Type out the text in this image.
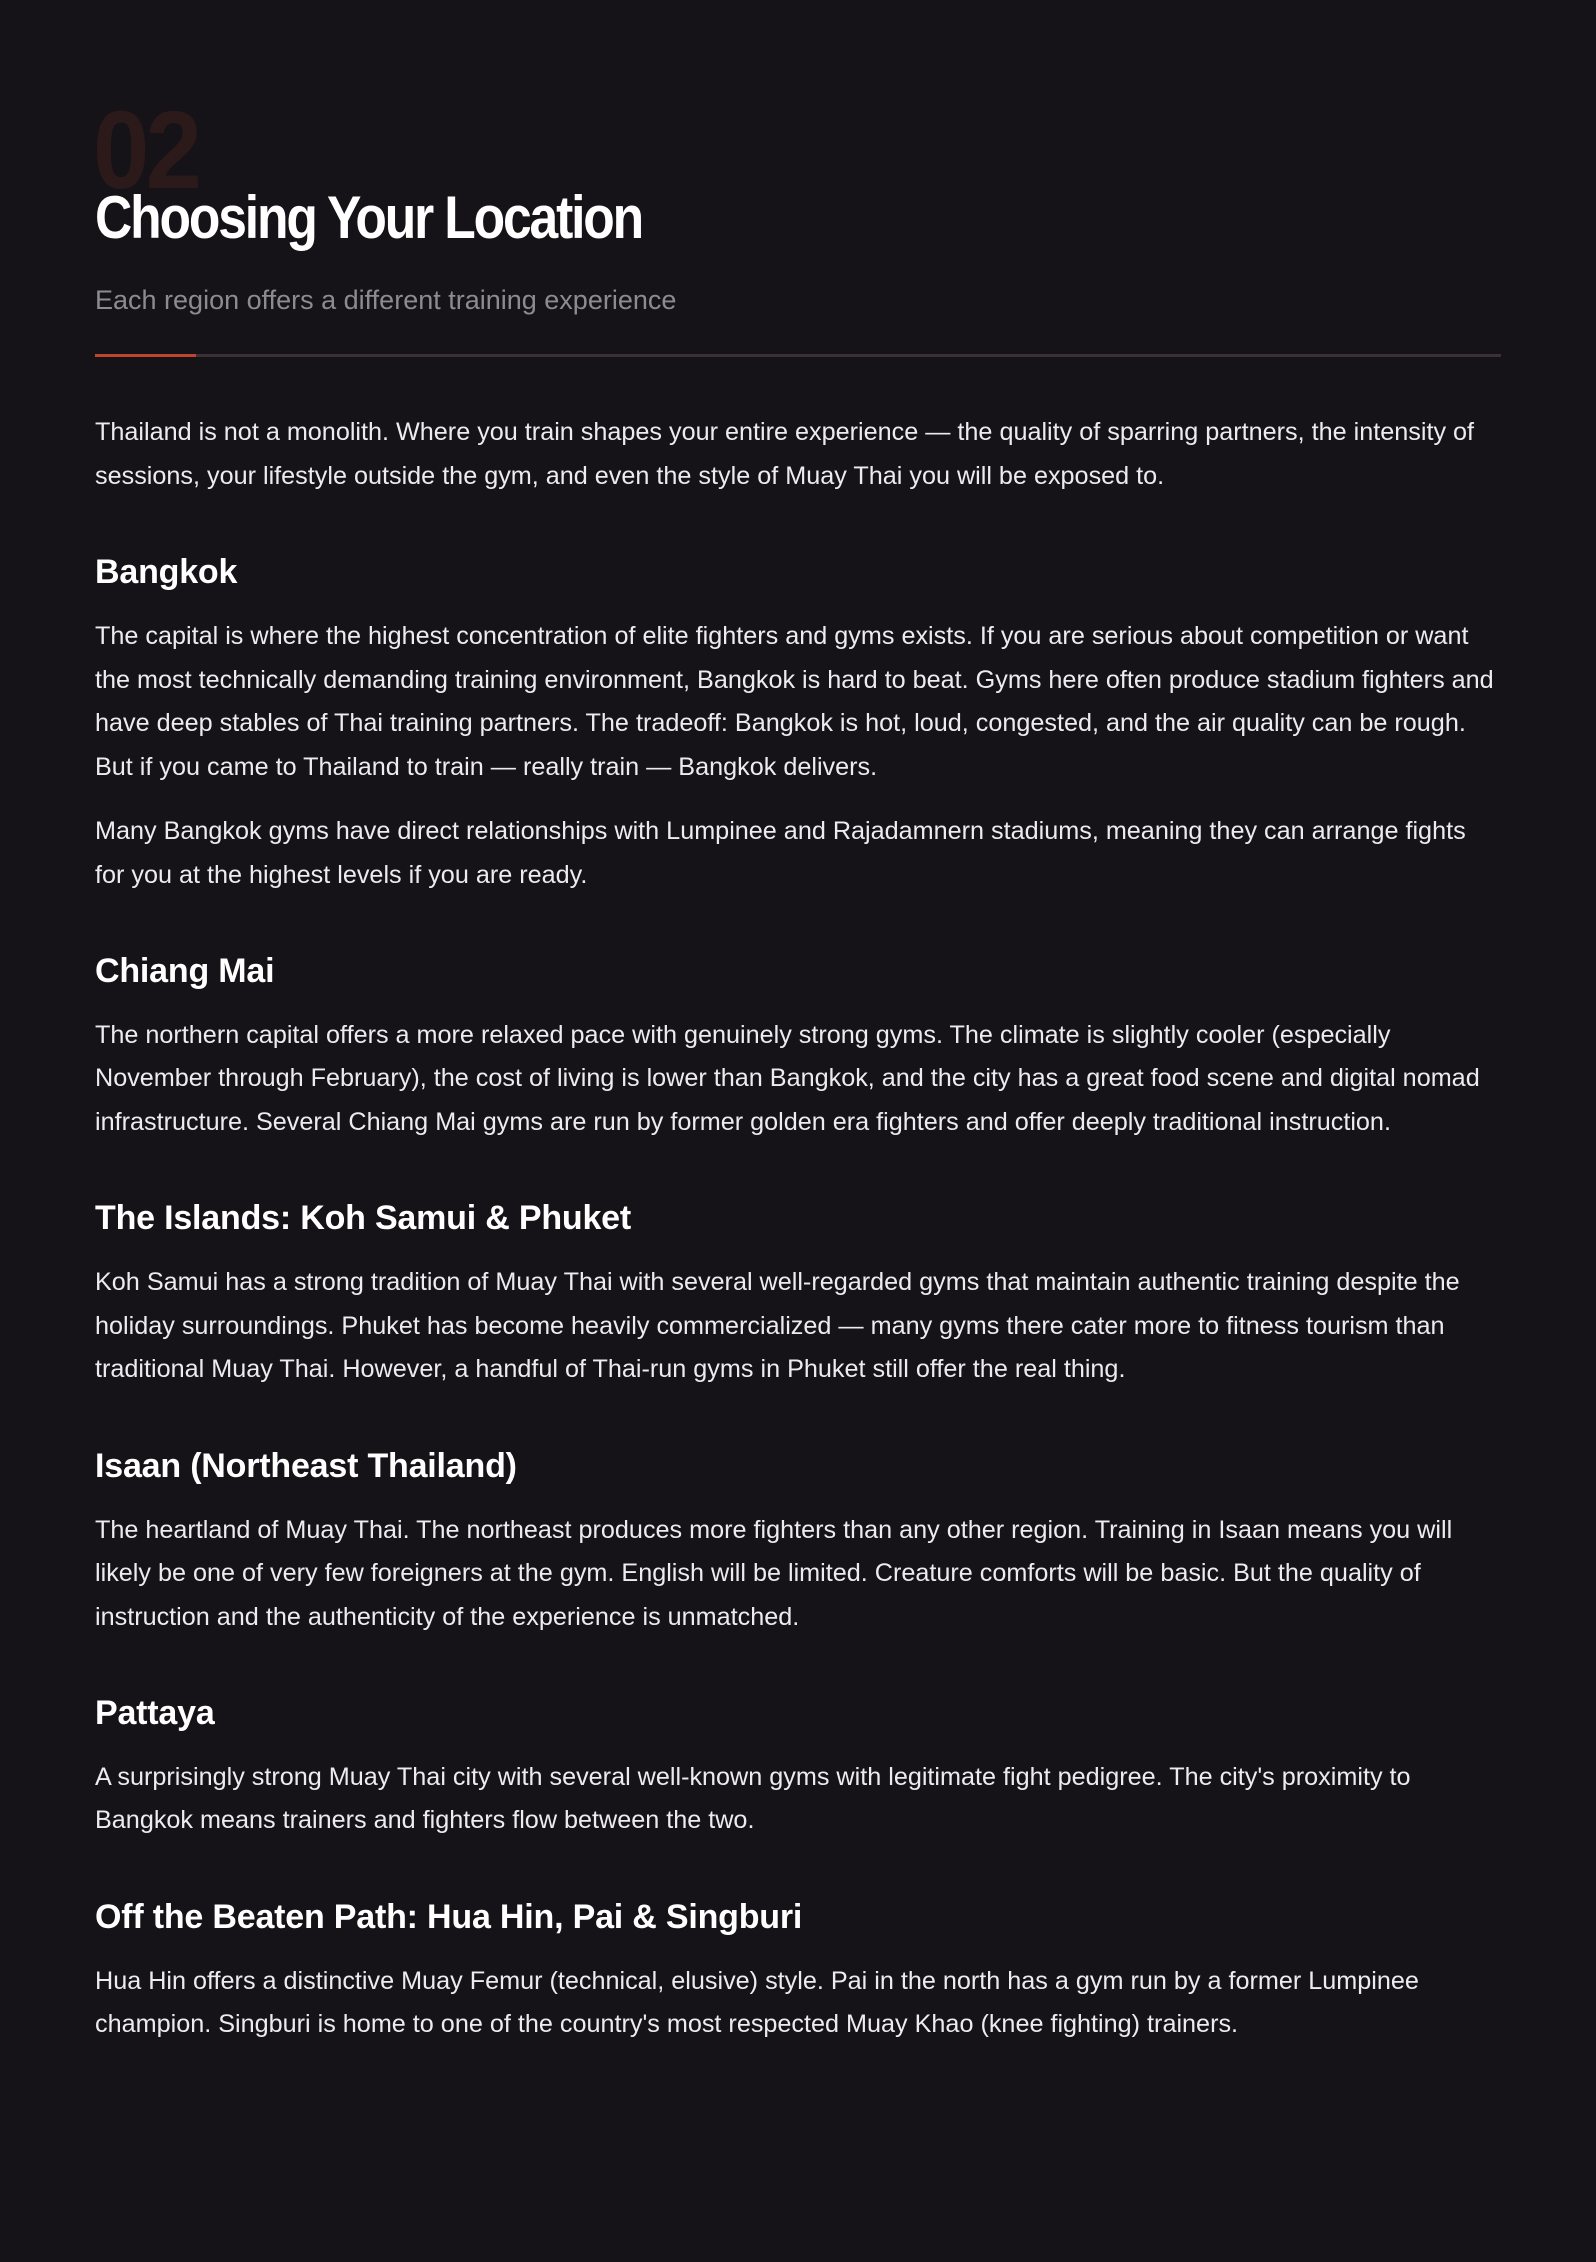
02
Choosing Your Location
Each region offers a different training experience

Thailand is not a monolith. Where you train shapes your entire experience — the quality of sparring partners, the intensity of sessions, your lifestyle outside the gym, and even the style of Muay Thai you will be exposed to.

Bangkok

The capital is where the highest concentration of elite fighters and gyms exists. If you are serious about competition or want the most technically demanding training environment, Bangkok is hard to beat. Gyms here often produce stadium fighters and have deep stables of Thai training partners. The tradeoff: Bangkok is hot, loud, congested, and the air quality can be rough. But if you came to Thailand to train — really train — Bangkok delivers.

Many Bangkok gyms have direct relationships with Lumpinee and Rajadamnern stadiums, meaning they can arrange fights for you at the highest levels if you are ready.

Chiang Mai

The northern capital offers a more relaxed pace with genuinely strong gyms. The climate is slightly cooler (especially November through February), the cost of living is lower than Bangkok, and the city has a great food scene and digital nomad infrastructure. Several Chiang Mai gyms are run by former golden era fighters and offer deeply traditional instruction.

The Islands: Koh Samui & Phuket

Koh Samui has a strong tradition of Muay Thai with several well-regarded gyms that maintain authentic training despite the holiday surroundings. Phuket has become heavily commercialized — many gyms there cater more to fitness tourism than traditional Muay Thai. However, a handful of Thai-run gyms in Phuket still offer the real thing.

Isaan (Northeast Thailand)

The heartland of Muay Thai. The northeast produces more fighters than any other region. Training in Isaan means you will likely be one of very few foreigners at the gym. English will be limited. Creature comforts will be basic. But the quality of instruction and the authenticity of the experience is unmatched.

Pattaya

A surprisingly strong Muay Thai city with several well-known gyms with legitimate fight pedigree. The city's proximity to Bangkok means trainers and fighters flow between the two.

Off the Beaten Path: Hua Hin, Pai & Singburi

Hua Hin offers a distinctive Muay Femur (technical, elusive) style. Pai in the north has a gym run by a former Lumpinee champion. Singburi is home to one of the country's most respected Muay Khao (knee fighting) trainers.
